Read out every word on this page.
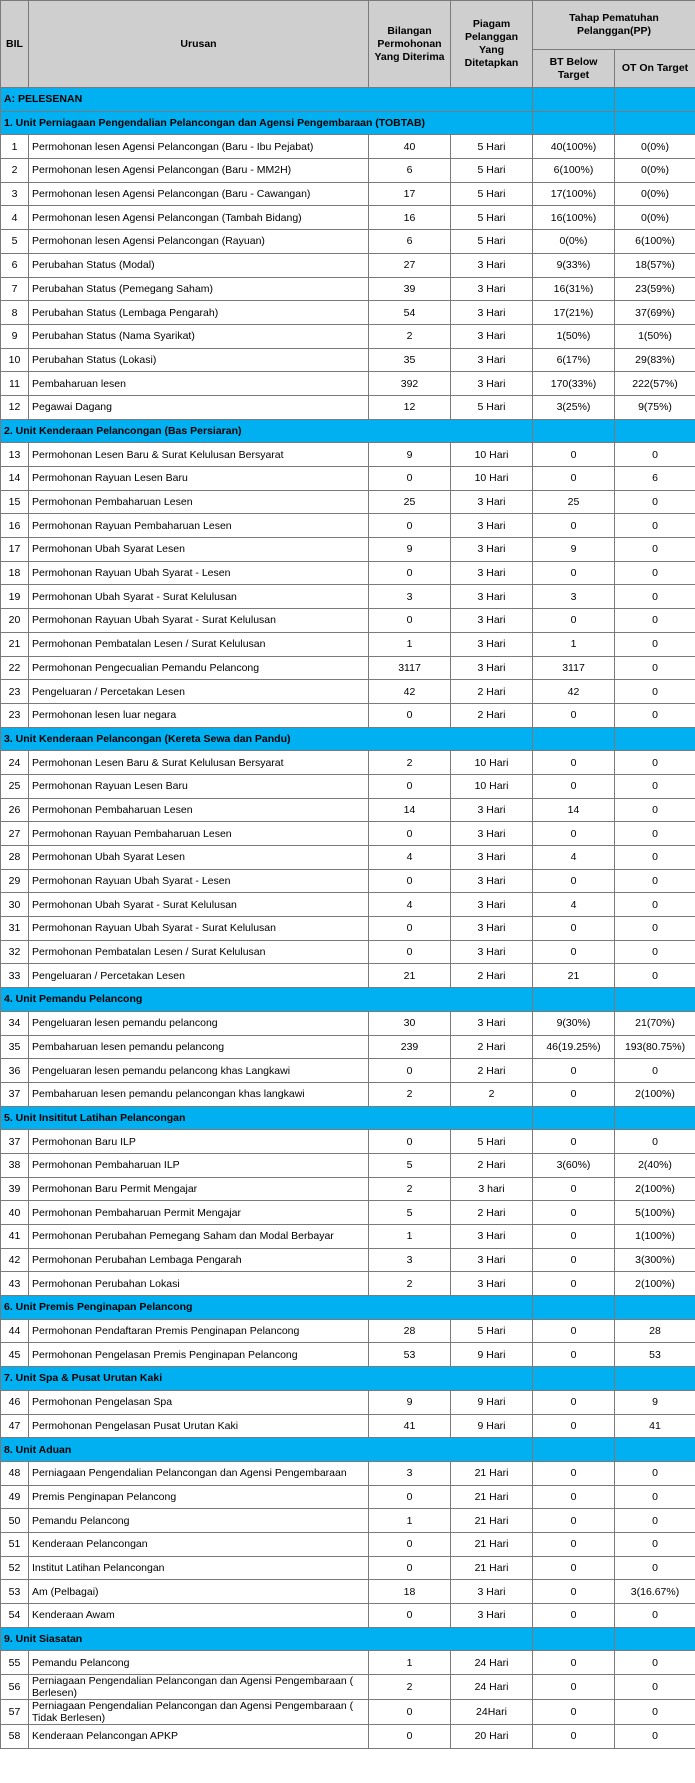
BIL	Urusan	Bilangan Permohonan Yang Diterima	Piagam Pelanggan Yang Ditetapkan	Tahap Pematuhan Pelanggan(PP)	
				BT Below Target	OT On Target
A: PELESENAN					
1. Unit Perniagaan Pengendalian Pelancongan dan Agensi Pengembaraan (TOBTAB)					
1	Permohonan lesen Agensi Pelancongan (Baru - Ibu Pejabat)	40	5 Hari	40(100%)	0(0%)
2	Permohonan lesen Agensi Pelancongan (Baru - MM2H)	6	5 Hari	6(100%)	0(0%)
3	Permohonan lesen Agensi Pelancongan (Baru - Cawangan)	17	5 Hari	17(100%)	0(0%)
4	Permohonan lesen Agensi Pelancongan (Tambah Bidang)	16	5 Hari	16(100%)	0(0%)
5	Permohonan lesen Agensi Pelancongan (Rayuan)	6	5 Hari	0(0%)	6(100%)
6	Perubahan Status (Modal)	27	3 Hari	9(33%)	18(57%)
7	Perubahan Status (Pemegang Saham)	39	3 Hari	16(31%)	23(59%)
8	Perubahan Status (Lembaga Pengarah)	54	3 Hari	17(21%)	37(69%)
9	Perubahan Status (Nama Syarikat)	2	3 Hari	1(50%)	1(50%)
10	Perubahan Status (Lokasi)	35	3 Hari	6(17%)	29(83%)
11	Pembaharuan lesen	392	3 Hari	170(33%)	222(57%)
12	Pegawai Dagang	12	5 Hari	3(25%)	9(75%)
2. Unit Kenderaan Pelancongan (Bas Persiaran)					
13	Permohonan Lesen Baru & Surat Kelulusan Bersyarat	9	10 Hari	0	0
14	Permohonan Rayuan Lesen Baru	0	10 Hari	0	6
15	Permohonan Pembaharuan Lesen	25	3 Hari	25	0
16	Permohonan Rayuan Pembaharuan Lesen	0	3 Hari	0	0
17	Permohonan Ubah Syarat Lesen	9	3 Hari	9	0
18	Permohonan Rayuan Ubah Syarat - Lesen	0	3 Hari	0	0
19	Permohonan Ubah Syarat - Surat Kelulusan	3	3 Hari	3	0
20	Permohonan Rayuan Ubah Syarat - Surat Kelulusan	0	3 Hari	0	0
21	Permohonan Pembatalan Lesen / Surat Kelulusan	1	3 Hari	1	0
22	Permohonan Pengecualian Pemandu Pelancong	3117	3 Hari	3117	0
23	Pengeluaran / Percetakan Lesen	42	2 Hari	42	0
23	Permohonan lesen luar negara	0	2 Hari	0	0
3. Unit Kenderaan Pelancongan (Kereta Sewa dan Pandu)					
24	Permohonan Lesen Baru & Surat Kelulusan Bersyarat	2	10 Hari	0	0
25	Permohonan Rayuan Lesen Baru	0	10 Hari	0	0
26	Permohonan Pembaharuan Lesen	14	3 Hari	14	0
27	Permohonan Rayuan Pembaharuan Lesen	0	3 Hari	0	0
28	Permohonan Ubah Syarat Lesen	4	3 Hari	4	0
29	Permohonan Rayuan Ubah Syarat - Lesen	0	3 Hari	0	0
30	Permohonan Ubah Syarat - Surat Kelulusan	4	3 Hari	4	0
31	Permohonan Rayuan Ubah Syarat - Surat Kelulusan	0	3 Hari	0	0
32	Permohonan Pembatalan Lesen / Surat Kelulusan	0	3 Hari	0	0
33	Pengeluaran / Percetakan Lesen	21	2 Hari	21	0
4. Unit Pemandu Pelancong					
34	Pengeluaran lesen pemandu pelancong	30	3 Hari	9(30%)	21(70%)
35	Pembaharuan lesen pemandu pelancong	239	2 Hari	46(19.25%)	193(80.75%)
36	Pengeluaran lesen pemandu pelancong khas Langkawi	0	2 Hari	0	0
37	Pembaharuan lesen pemandu pelancongan khas langkawi	2	2	0	2(100%)
5. Unit Insititut Latihan Pelancongan					
37	Permohonan Baru ILP	0	5 Hari	0	0
38	Permohonan Pembaharuan ILP	5	2 Hari	3(60%)	2(40%)
39	Permohonan Baru Permit Mengajar	2	3 hari	0	2(100%)
40	Permohonan Pembaharuan Permit Mengajar	5	2 Hari	0	5(100%)
41	Permohonan Perubahan Pemegang Saham dan Modal Berbayar	1	3 Hari	0	1(100%)
42	Permohonan Perubahan Lembaga Pengarah	3	3 Hari	0	3(300%)
43	Permohonan Perubahan Lokasi	2	3 Hari	0	2(100%)
6. Unit Premis Penginapan Pelancong					
44	Permohonan Pendaftaran Premis Penginapan Pelancong	28	5 Hari	0	28
45	Permohonan Pengelasan Premis Penginapan Pelancong	53	9 Hari	0	53
7. Unit Spa & Pusat Urutan Kaki					
46	Permohonan Pengelasan Spa	9	9 Hari	0	9
47	Permohonan Pengelasan Pusat Urutan Kaki	41	9 Hari	0	41
8. Unit Aduan					
48	Perniagaan Pengendalian Pelancongan dan Agensi Pengembaraan	3	21 Hari	0	0
49	Premis Penginapan Pelancong	0	21 Hari	0	0
50	Pemandu Pelancong	1	21 Hari	0	0
51	Kenderaan Pelancongan	0	21 Hari	0	0
52	Institut Latihan Pelancongan	0	21 Hari	0	0
53	Am (Pelbagai)	18	3 Hari	0	3(16.67%)
54	Kenderaan Awam	0	3 Hari	0	0
9. Unit Siasatan					
55	Pemandu Pelancong	1	24 Hari	0	0
56	Perniagaan Pengendalian Pelancongan dan Agensi Pengembaraan ( Berlesen)	2	24 Hari	0	0
57	Perniagaan Pengendalian Pelancongan dan Agensi Pengembaraan ( Tidak Berlesen)	0	24Hari	0	0
58	Kenderaan Pelancongan APKP	0	20 Hari	0	0
